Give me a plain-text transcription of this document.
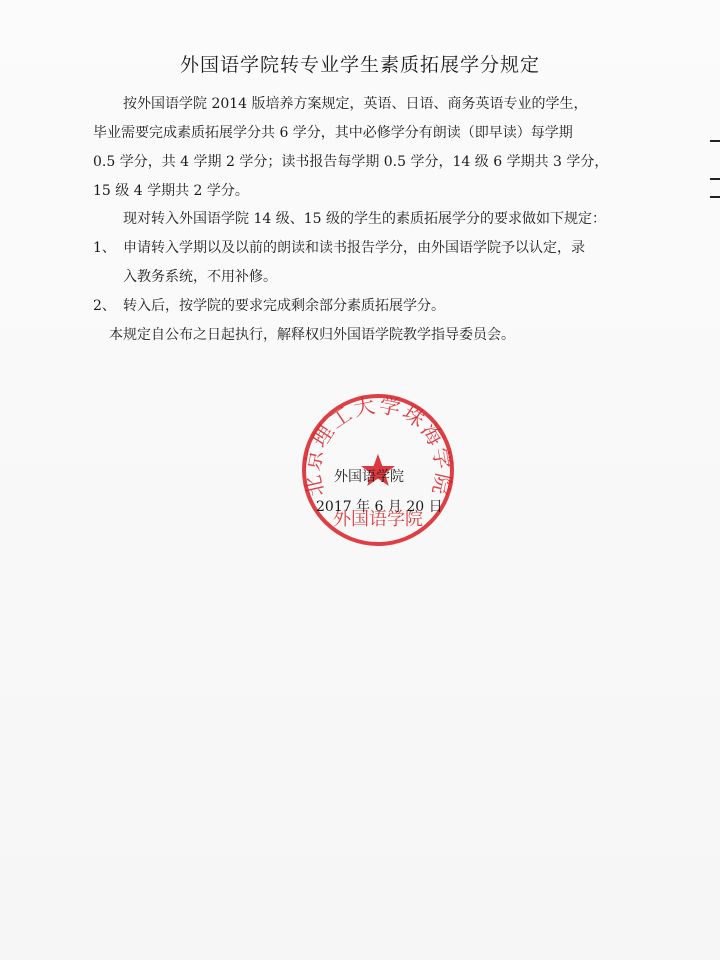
外国语学院转专业学生素质拓展学分规定
按外国语学院 2014 版培养方案规定，英语、日语、商务英语专业的学生，
毕业需要完成素质拓展学分共 6 学分，其中必修学分有朗读（即早读）每学期
0.5 学分，共 4 学期 2 学分；读书报告每学期 0.5 学分，14 级 6 学期共 3 学分，
15 级 4 学期共 2 学分。
现对转入外国语学院 14 级、15 级的学生的素质拓展学分的要求做如下规定：
1、 申请转入学期以及以前的朗读和读书报告学分，由外国语学院予以认定，录
入教务系统，不用补修。
2、 转入后，按学院的要求完成剩余部分素质拓展学分。
本规定自公布之日起执行，解释权归外国语学院教学指导委员会。
北京理工大学珠海学院
外国语学院
外国语学院
2017 年 6 月 20 日
